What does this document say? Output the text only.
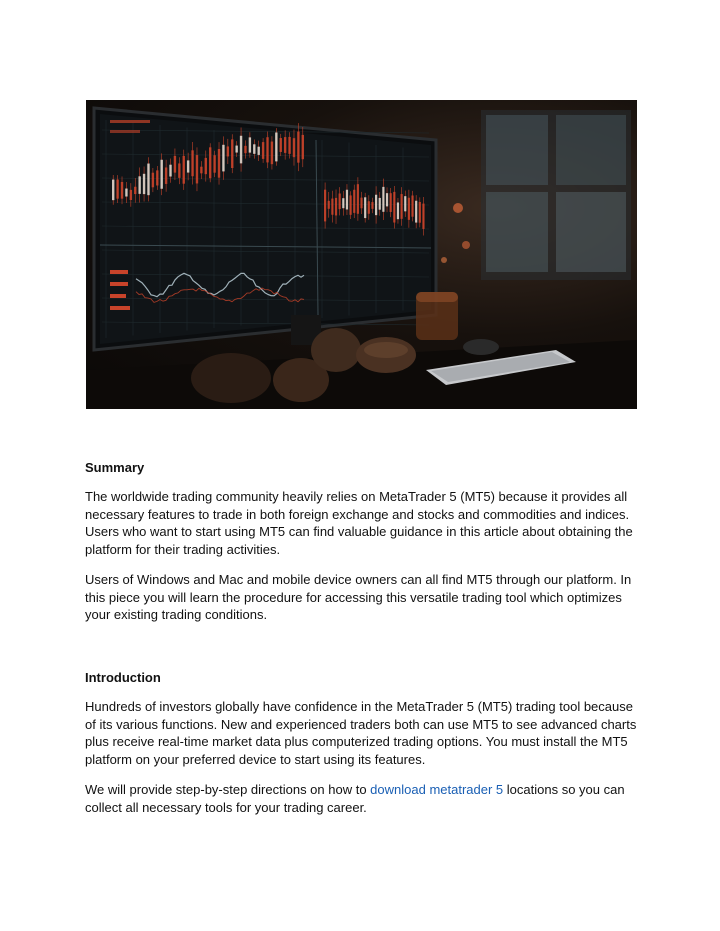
Summary

The worldwide trading community heavily relies on MetaTrader 5 (MT5) because it provides all necessary features to trade in both foreign exchange and stocks and commodities and indices. Users who want to start using MT5 can find valuable guidance in this article about obtaining the platform for their trading activities.

Users of Windows and Mac and mobile device owners can all find MT5 through our platform. In this piece you will learn the procedure for accessing this versatile trading tool which optimizes your existing trading conditions.

Introduction

Hundreds of investors globally have confidence in the MetaTrader 5 (MT5) trading tool because of its various functions. New and experienced traders both can use MT5 to see advanced charts plus receive real-time market data plus computerized trading options. You must install the MT5 platform on your preferred device to start using its features.

We will provide step-by-step directions on how to download metatrader 5 locations so you can collect all necessary tools for your trading career.
